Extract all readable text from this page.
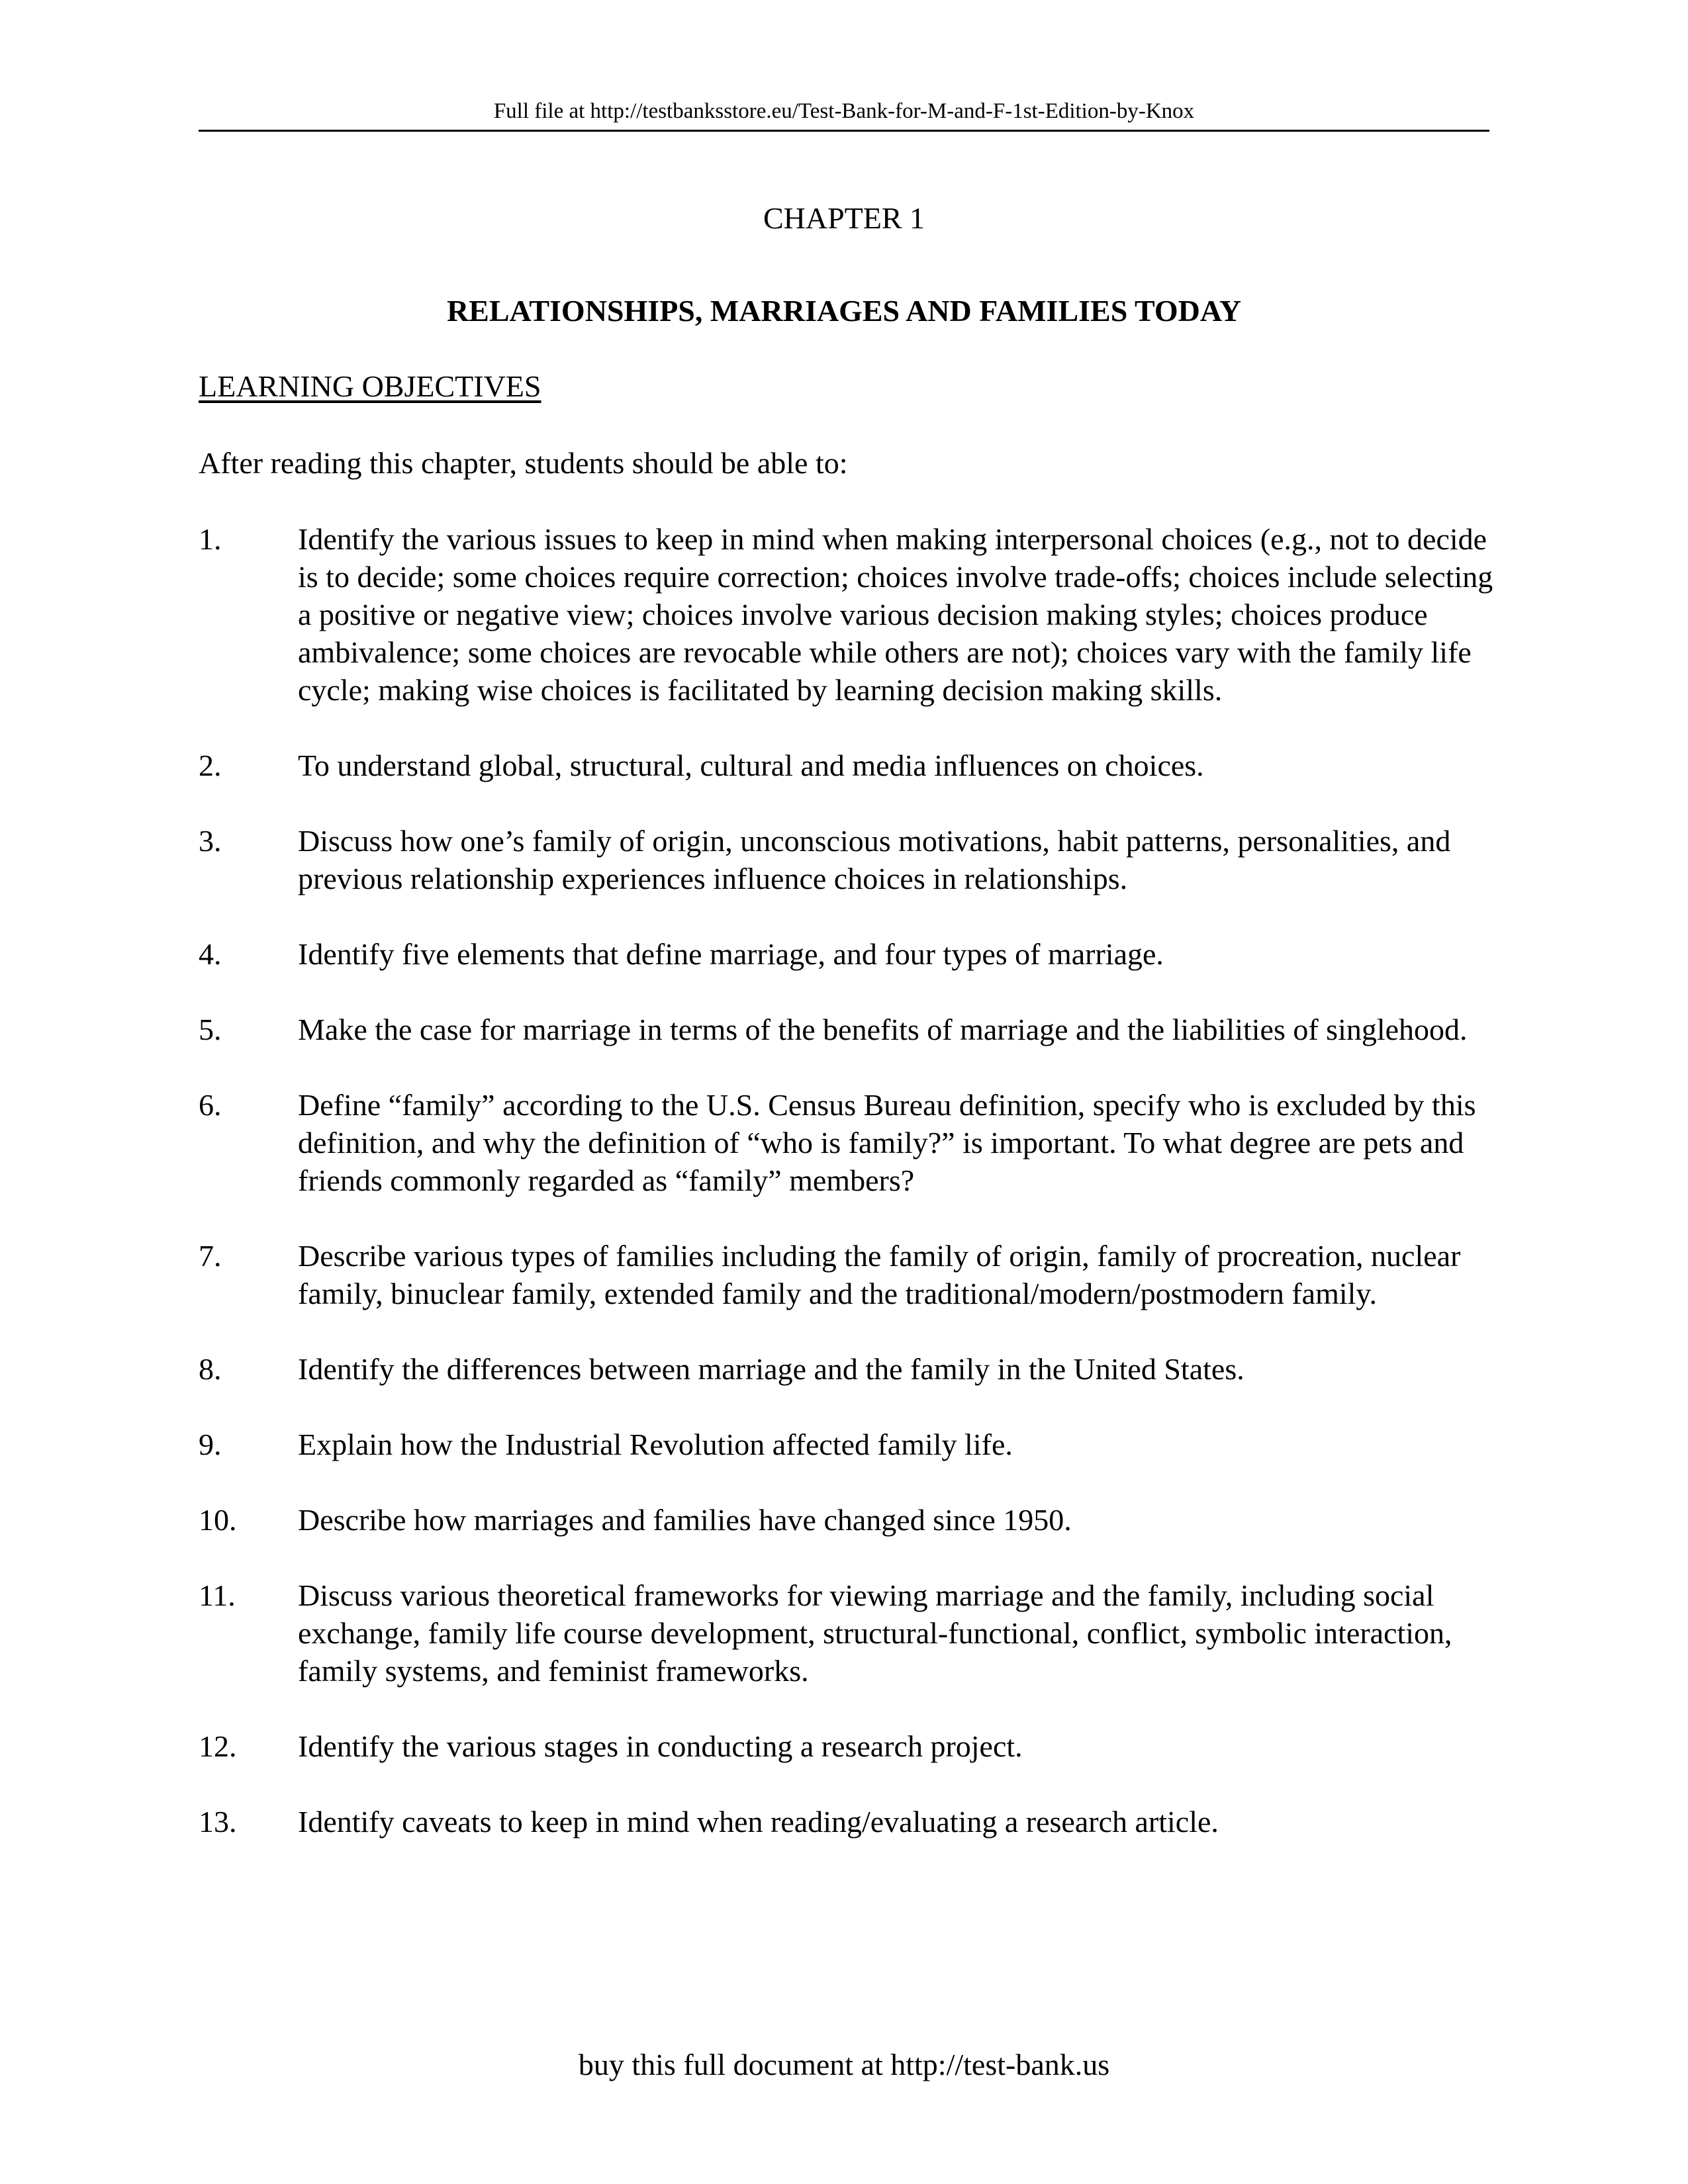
Full file at http://testbanksstore.eu/Test-Bank-for-M-and-F-1st-Edition-by-Knox
CHAPTER 1
RELATIONSHIPS, MARRIAGES AND FAMILIES TODAY
LEARNING OBJECTIVES
After reading this chapter, students should be able to:
1.	Identify the various issues to keep in mind when making interpersonal choices (e.g., not to decide is to decide; some choices require correction; choices involve trade-offs; choices include selecting a positive or negative view; choices involve various decision making styles; choices produce ambivalence; some choices are revocable while others are not); choices vary with the family life cycle; making wise choices is facilitated by learning decision making skills.
2.	To understand global, structural, cultural and media influences on choices.
3.	Discuss how one’s family of origin, unconscious motivations, habit patterns, personalities, and previous relationship experiences influence choices in relationships.
4.	Identify five elements that define marriage, and four types of marriage.
5.	Make the case for marriage in terms of the benefits of marriage and the liabilities of singlehood.
6.	Define “family” according to the U.S. Census Bureau definition, specify who is excluded by this definition, and why the definition of “who is family?” is important. To what degree are pets and friends commonly regarded as “family” members?
7.	Describe various types of families including the family of origin, family of procreation, nuclear family, binuclear family, extended family and the traditional/modern/postmodern family.
8.	Identify the differences between marriage and the family in the United States.
9.	Explain how the Industrial Revolution affected family life.
10. Describe how marriages and families have changed since 1950.
11. Discuss various theoretical frameworks for viewing marriage and the family, including social exchange, family life course development, structural-functional, conflict, symbolic interaction, family systems, and feminist frameworks.
12. Identify the various stages in conducting a research project.
13. Identify caveats to keep in mind when reading/evaluating a research article.
buy this full document at http://test-bank.us
